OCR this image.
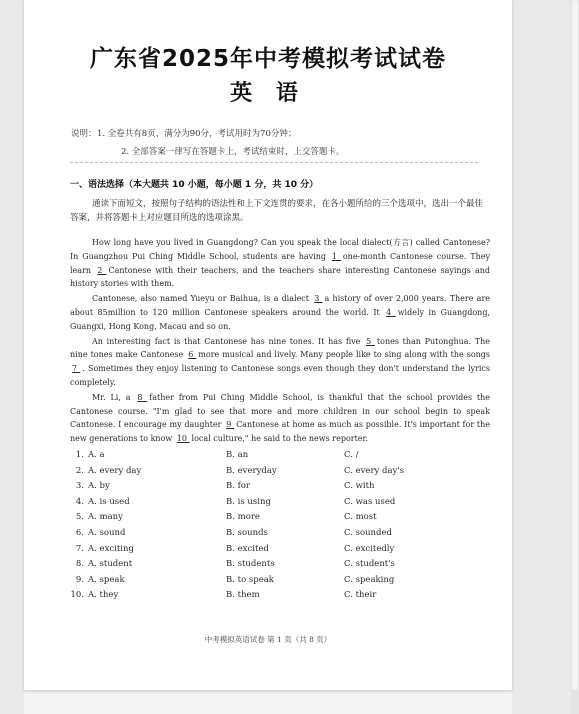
广东省2025年中考模拟考试试卷
英 语
说明： 1. 全卷共有8页，满分为90分，考试用时为70分钟；
2. 全部答案一律写在答题卡上，考试结束时，上交答题卡。
一、语法选择（本大题共 10 小题，每小题 1 分，共 10 分）
通读下面短文，按照句子结构的语法性和上下文连贯的要求，在各小题所给的三个选项中，选出一个最佳答案，并将答题卡上对应题目所选的选项涂黑。

How long have you lived in Guangdong? Can you speak the local dialect(方言) called Cantonese? In Guangzhou Pui Ching Middle School, students are having 1 one-month Cantonese course. They learn 2 Cantonese with their teachers, and the teachers share interesting Cantonese sayings and history stories with them.

Cantonese, also named Yueyu or Baihua, is a dialect 3 a history of over 2,000 years. There are about 85million to 120 million Cantonese speakers around the world. It 4 widely in Guangdong, Guangxi, Hong Kong, Macau and so on.

An interesting fact is that Cantonese has nine tones. It has five 5 tones than Putonghua. The nine tones make Cantonese 6 more musical and lively. Many people like to sing along with the songs 7 . Sometimes they enjoy listening to Cantonese songs even though they don't understand the lyrics completely.

Mr. Li, a 8 father from Pui Ching Middle School, is thankful that the school provides the Cantonese course. "I'm glad to see that more and more children in our school begin to speak Cantonese. I encourage my daughter 9 Cantonese at home as much as possible. It's important for the new generations to know 10 local culture," he said to the news reporter.

1. A. a	B. an	C. /
2. A. every day	B. everyday	C. every day's
3. A. by	B. for	C. with
4. A. is used	B. is using	C. was used
5. A. many	B. more	C. most
6. A. sound	B. sounds	C. sounded
7. A. exciting	B. excited	C. excitedly
8. A. student	B. students	C. student's
9. A. speak	B. to speak	C. speaking
10. A. they	B. them	C. their
中考模拟英语试卷 第 1 页（共 8 页）
